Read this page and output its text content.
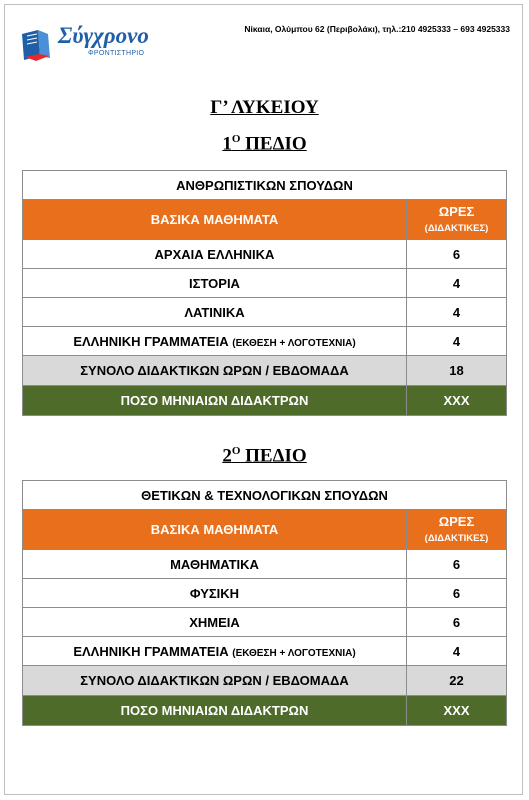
Σύγχρονο
ΦΡΟΝΤΙΣΤΗΡΙΟ
Νίκαια, Ολύμπου 62 (Περιβολάκι), τηλ.:210 4925333 – 693 4925333
Γ’ ΛΥΚΕΙΟΥ
$1^O$ ΠΕΔΙΟ
ΑΝΘΡΩΠΙΣΤΙΚΩΝ ΣΠΟΥΔΩΝ	
ΒΑΣΙΚΑ ΜΑΘΗΜΑΤΑ	ΩΡΕΣ
(ΔΙΔΑΚΤΙΚΕΣ)
ΑΡΧΑΙΑ ΕΛΛΗΝΙΚΑ	6
ΙΣΤΟΡΙΑ	4
ΛΑΤΙΝΙΚΑ	4
ΕΛΛΗΝΙΚΗ ΓΡΑΜΜΑΤΕΙΑ (ΕΚΘΕΣΗ + ΛΟΓΟΤΕΧΝΙΑ)	4
ΣΥΝΟΛΟ ΔΙΔΑΚΤΙΚΩΝ ΩΡΩΝ / ΕΒΔΟΜΑΔΑ	18
ΠΟΣΟ ΜΗΝΙΑΙΩΝ ΔΙΔΑΚΤΡΩΝ	ΧΧΧ
$2^O$ ΠΕΔΙΟ
ΘΕΤΙΚΩΝ & ΤΕΧΝΟΛΟΓΙΚΩΝ ΣΠΟΥΔΩΝ	
ΒΑΣΙΚΑ ΜΑΘΗΜΑΤΑ	ΩΡΕΣ
(ΔΙΔΑΚΤΙΚΕΣ)
ΜΑΘΗΜΑΤΙΚΑ	6
ΦΥΣΙΚΗ	6
ΧΗΜΕΙΑ	6
ΕΛΛΗΝΙΚΗ ΓΡΑΜΜΑΤΕΙΑ (ΕΚΘΕΣΗ + ΛΟΓΟΤΕΧΝΙΑ)	4
ΣΥΝΟΛΟ ΔΙΔΑΚΤΙΚΩΝ ΩΡΩΝ / ΕΒΔΟΜΑΔΑ	22
ΠΟΣΟ ΜΗΝΙΑΙΩΝ ΔΙΔΑΚΤΡΩΝ	ΧΧΧ
